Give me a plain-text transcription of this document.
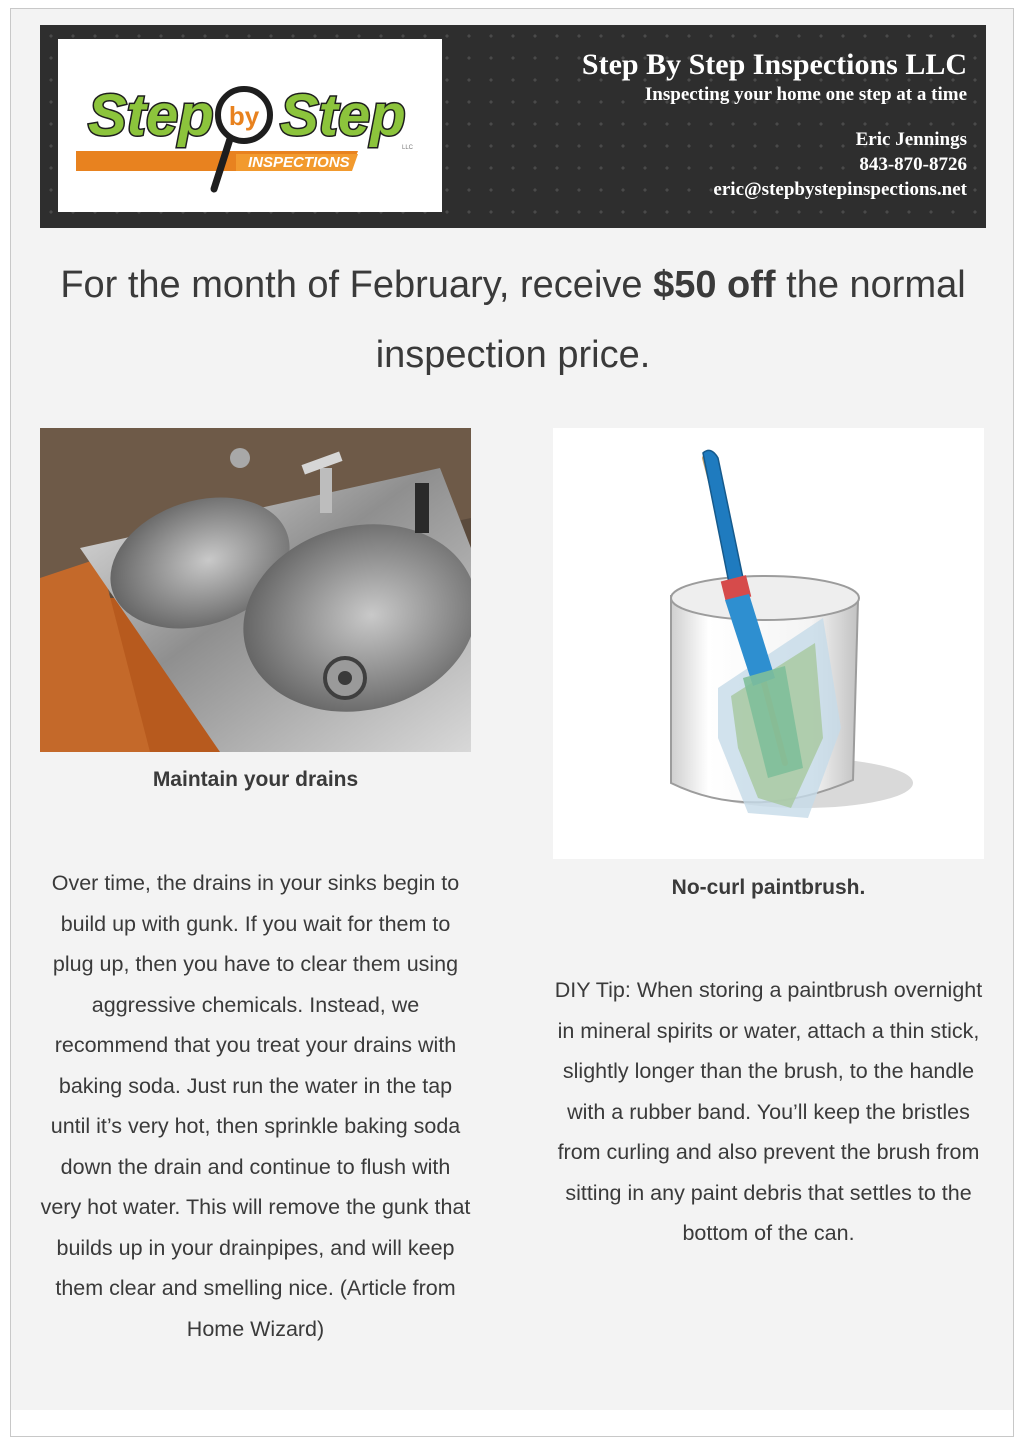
INSPECTIONS
by
Step Step
LLC
Step By Step Inspections LLC
Inspecting your home one step at a time
Eric Jennings
843-870-8726
eric@stepbystepinspections.net
For the month of February, receive $50 off the normal inspection price.
Maintain your drains
Over time, the drains in your sinks begin to build up with gunk. If you wait for them to plug up, then you have to clear them using aggressive chemicals. Instead, we recommend that you treat your drains with baking soda. Just run the water in the tap until it’s very hot, then sprinkle baking soda down the drain and continue to flush with very hot water. This will remove the gunk that builds up in your drainpipes, and will keep them clear and smelling nice. (Article from Home Wizard)
No-curl paintbrush.
DIY Tip: When storing a paintbrush overnight in mineral spirits or water, attach a thin stick, slightly longer than the brush, to the handle with a rubber band. You’ll keep the bristles from curling and also prevent the brush from sitting in any paint debris that settles to the bottom of the can.
